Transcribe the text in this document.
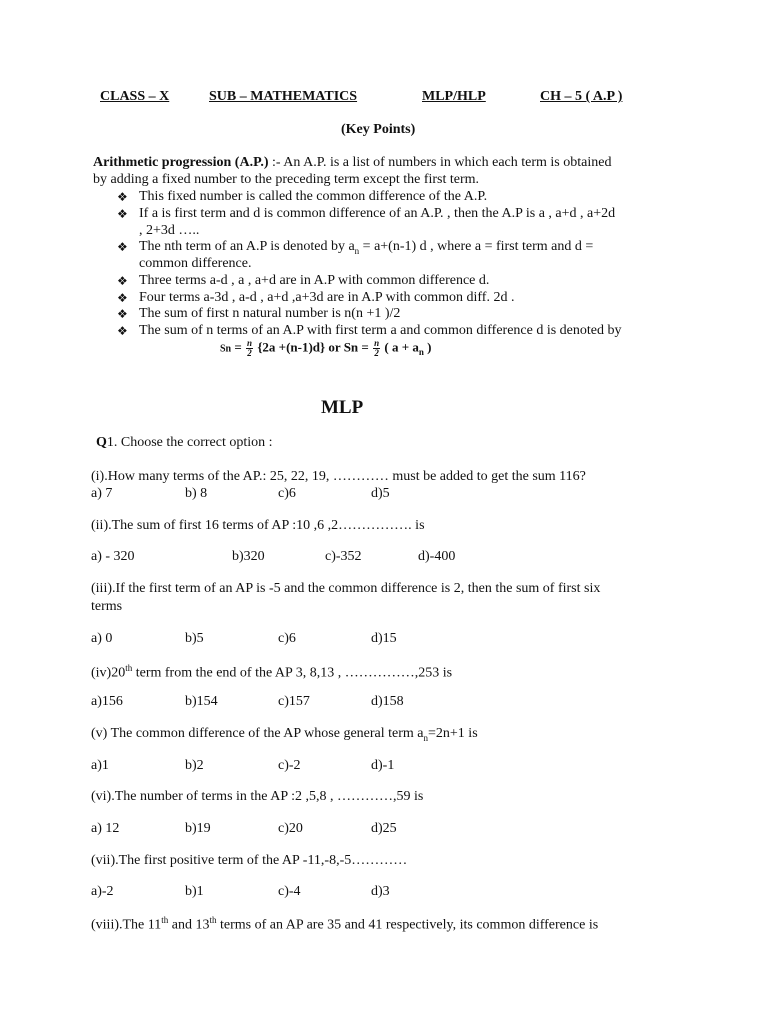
CLASS – X	SUB – MATHEMATICS	MLP/HLP	CH – 5 ( A.P )
(Key Points)
Arithmetic progression (A.P.) :- An A.P. is a list of numbers in which each term is obtained
by adding a fixed number to the preceding term except the first term.
❖ This fixed number is called the common difference of the A.P.
❖ If a is first term and d is common difference of an A.P. , then the A.P is a , a+d , a+2d
, 2+3d …..
❖ The nth term of an A.P is denoted by $a_n = a+(n-1)$ d , where a = first term and d =
common difference.
❖ Three terms a-d , a , a+d are in A.P with common difference d.
❖ Four terms a-3d , a-d , a+d ,a+3d are in A.P with common diff. 2d .
❖ The sum of first n natural number is n(n +1 )/2
❖ The sum of n terms of an A.P with first term a and common difference d is denoted by
$Sn = \frac{n}{2} \{2a +(n-1)d\}$ or $Sn = \frac{n}{2}$ ( $a + a_n$ )
MLP
Q1. Choose the correct option :
(i).How many terms of the AP.: 25, 22, 19, ………… must be added to get the sum 116?
a) 7	b) 8	c)6	d)5
(ii).The sum of first 16 terms of AP :10 ,6 ,2……………. is
a) - 320	b)320	c)-352	d)-400
(iii).If the first term of an AP is -5 and the common difference is 2, then the sum of first six
terms
a) 0	b)5	c)6	d)15
(iv)20th term from the end of the AP 3, 8,13 , ……………,253 is
a)156	b)154	c)157	d)158
(v) The common difference of the AP whose general term $a_n=2n+1$ is
a)1	b)2	c)-2	d)-1
(vi).The number of terms in the AP :2 ,5,8 , …………,59 is
a) 12	b)19	c)20	d)25
(vii).The first positive term of the AP -11,-8,-5…………
a)-2	b)1	c)-4	d)3
(viii).The 11th and 13th terms of an AP are 35 and 41 respectively, its common difference is
